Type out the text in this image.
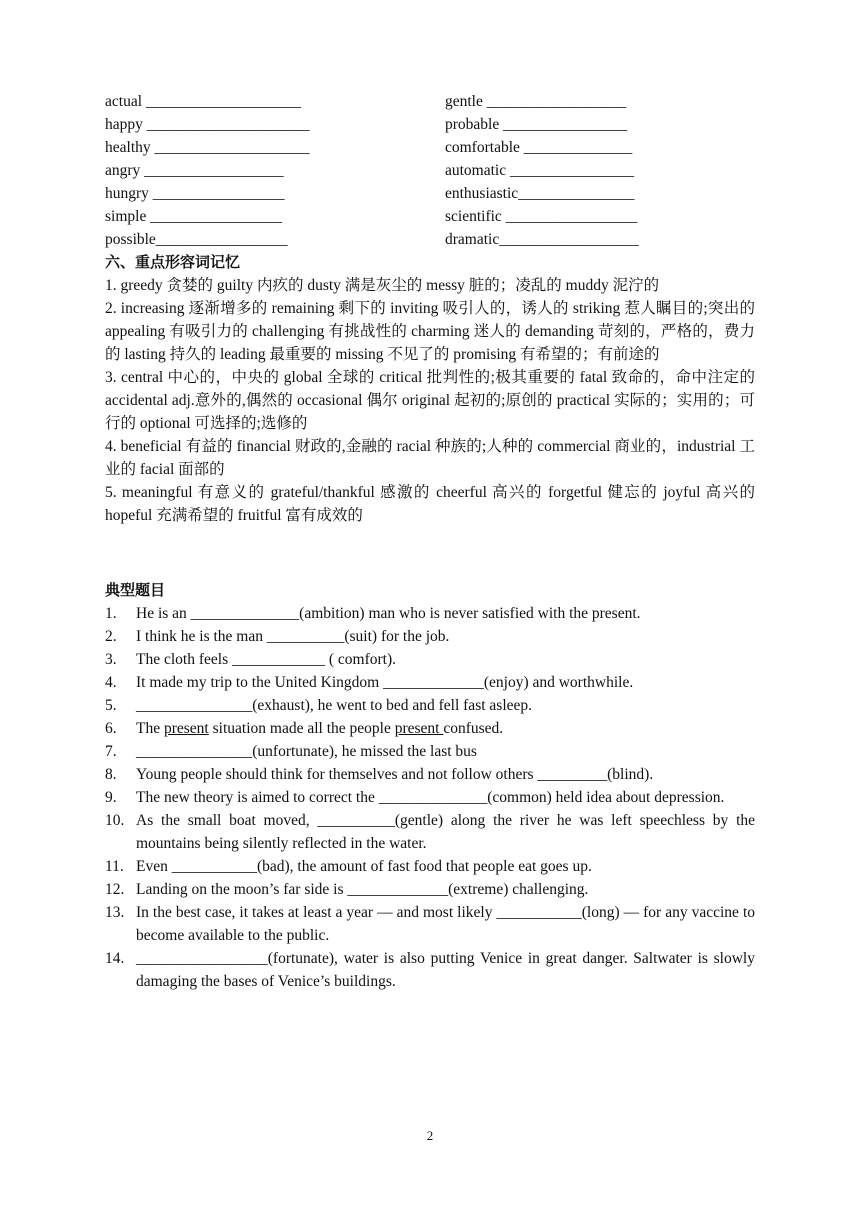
actual ____________________	gentle __________________
happy _____________________	probable ________________
healthy ____________________	comfortable ______________
angry __________________	automatic ________________
hungry _________________	enthusiastic_______________
simple _________________	scientific _________________
possible_________________	dramatic__________________
六、重点形容词记忆
1. greedy 贪婪的 guilty 内疚的 dusty 满是灰尘的 messy 脏的；凌乱的 muddy 泥泞的
2. increasing 逐渐增多的 remaining 剩下的 inviting 吸引人的，诱人的 striking 惹人瞩目的;突出的 appealing 有吸引力的 challenging 有挑战性的 charming 迷人的 demanding 苛刻的，严格的，费力的 lasting 持久的 leading 最重要的 missing 不见了的 promising 有希望的；有前途的
3. central 中心的，中央的 global 全球的 critical 批判性的;极其重要的 fatal 致命的，命中注定的 accidental adj.意外的,偶然的 occasional 偶尔 original 起初的;原创的 practical 实际的；实用的；可行的 optional 可选择的;选修的
4. beneficial 有益的 financial 财政的,金融的 racial 种族的;人种的 commercial 商业的，industrial 工业的 facial 面部的
5. meaningful 有意义的 grateful/thankful 感激的 cheerful 高兴的 forgetful 健忘的 joyful 高兴的 hopeful 充满希望的 fruitful 富有成效的
典型题目
1. He is an ______________(ambition) man who is never satisfied with the present.
2. I think he is the man __________(suit) for the job.
3. The cloth feels ____________ ( comfort).
4. It made my trip to the United Kingdom _____________(enjoy) and worthwhile.
5. _______________(exhaust), he went to bed and fell fast asleep.
6. The present situation made all the people present confused.
7. _______________(unfortunate), he missed the last bus
8. Young people should think for themselves and not follow others _________(blind).
9. The new theory is aimed to correct the ______________(common) held idea about depression.
10. As the small boat moved, __________(gentle) along the river he was left speechless by the mountains being silently reflected in the water.
11. Even ___________(bad), the amount of fast food that people eat goes up.
12. Landing on the moon’s far side is _____________(extreme) challenging.
13. In the best case, it takes at least a year — and most likely ___________(long) — for any vaccine to become available to the public.
14. _________________(fortunate), water is also putting Venice in great danger. Saltwater is slowly damaging the bases of Venice’s buildings.
2
